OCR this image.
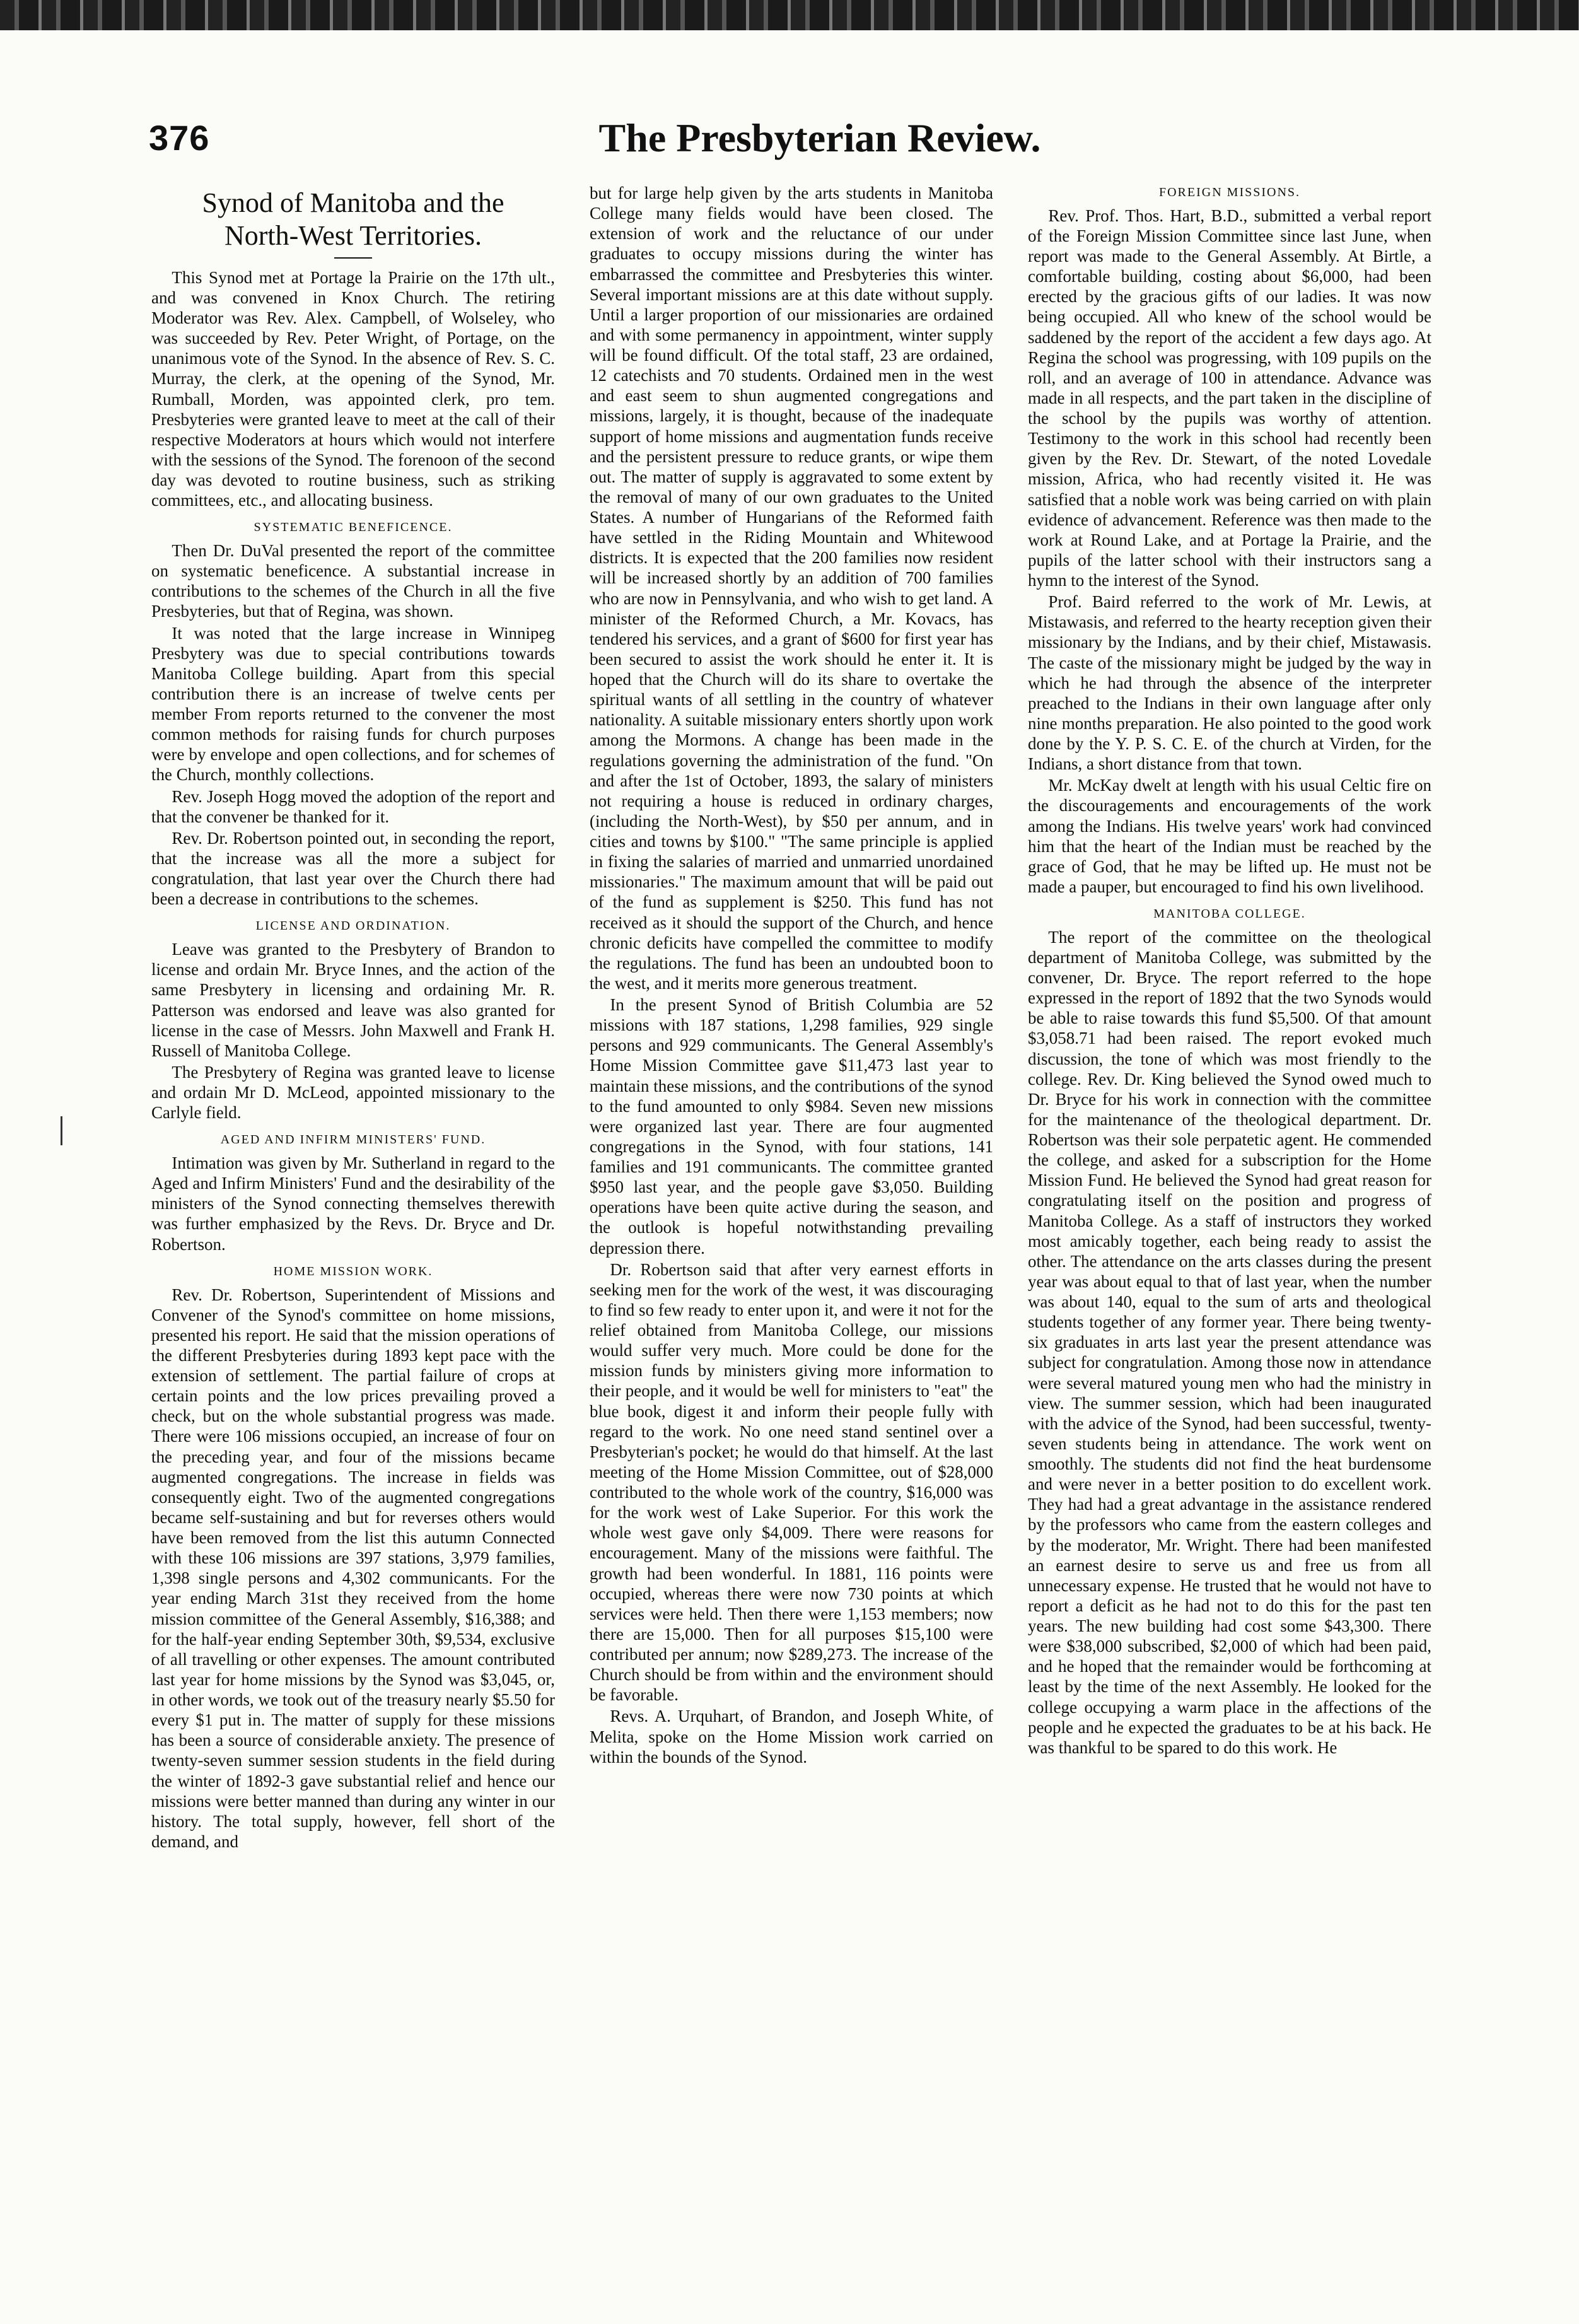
376	The Presbyterian Review.
Synod of Manitoba and the
North-West Territories.

This Synod met at Portage la Prairie on the 17th ult., and was convened in Knox Church. The retiring Moderator was Rev. Alex. Campbell, of Wolseley, who was succeeded by Rev. Peter Wright, of Portage, on the unanimous vote of the Synod. In the absence of Rev. S. C. Murray, the clerk, at the opening of the Synod, Mr. Rumball, Morden, was appointed clerk, pro tem. Presbyteries were granted leave to meet at the call of their respective Moderators at hours which would not interfere with the sessions of the Synod. The forenoon of the second day was devoted to routine business, such as striking committees, etc., and allocating business.

SYSTEMATIC BENEFICENCE.

Then Dr. DuVal presented the report of the committee on systematic beneficence. A substantial increase in contributions to the schemes of the Church in all the five Presbyteries, but that of Regina, was shown.

It was noted that the large increase in Winnipeg Presbytery was due to special contributions towards Manitoba College building. Apart from this special contribution there is an increase of twelve cents per member From reports returned to the convener the most common methods for raising funds for church purposes were by envelope and open collections, and for schemes of the Church, monthly collections.

Rev. Joseph Hogg moved the adoption of the report and that the convener be thanked for it.

Rev. Dr. Robertson pointed out, in seconding the report, that the increase was all the more a subject for congratulation, that last year over the Church there had been a decrease in contributions to the schemes.

LICENSE AND ORDINATION.

Leave was granted to the Presbytery of Brandon to license and ordain Mr. Bryce Innes, and the action of the same Presbytery in licensing and ordaining Mr. R. Patterson was endorsed and leave was also granted for license in the case of Messrs. John Maxwell and Frank H. Russell of Manitoba College.

The Presbytery of Regina was granted leave to license and ordain Mr D. McLeod, appointed missionary to the Carlyle field.

AGED AND INFIRM MINISTERS' FUND.

Intimation was given by Mr. Sutherland in regard to the Aged and Infirm Ministers' Fund and the desirability of the ministers of the Synod connecting themselves therewith was further emphasized by the Revs. Dr. Bryce and Dr. Robertson.

HOME MISSION WORK.

Rev. Dr. Robertson, Superintendent of Missions and Convener of the Synod's committee on home missions, presented his report. He said that the mission operations of the different Presbyteries during 1893 kept pace with the extension of settlement. The partial failure of crops at certain points and the low prices prevailing proved a check, but on the whole substantial progress was made. There were 106 missions occupied, an increase of four on the preceding year, and four of the missions became augmented congregations. The increase in fields was consequently eight. Two of the augmented congregations became self-sustaining and but for reverses others would have been removed from the list this autumn Connected with these 106 missions are 397 stations, 3,979 families, 1,398 single persons and 4,302 communicants. For the year ending March 31st they received from the home mission committee of the General Assembly, $16,388; and for the half-year ending September 30th, $9,534, exclusive of all travelling or other expenses. The amount contributed last year for home missions by the Synod was $3,045, or, in other words, we took out of the treasury nearly $5.50 for every $1 put in. The matter of supply for these missions has been a source of considerable anxiety. The presence of twenty-seven summer session students in the field during the winter of 1892-3 gave substantial relief and hence our missions were better manned than during any winter in our history. The total supply, however, fell short of the demand, and

but for large help given by the arts students in Manitoba College many fields would have been closed. The extension of work and the reluctance of our under graduates to occupy missions during the winter has embarrassed the committee and Presbyteries this winter. Several important missions are at this date without supply. Until a larger proportion of our missionaries are ordained and with some permanency in appointment, winter supply will be found difficult. Of the total staff, 23 are ordained, 12 catechists and 70 students. Ordained men in the west and east seem to shun augmented congregations and missions, largely, it is thought, because of the inadequate support of home missions and augmentation funds receive and the persistent pressure to reduce grants, or wipe them out. The matter of supply is aggravated to some extent by the removal of many of our own graduates to the United States. A number of Hungarians of the Reformed faith have settled in the Riding Mountain and Whitewood districts. It is expected that the 200 families now resident will be increased shortly by an addition of 700 families who are now in Pennsylvania, and who wish to get land. A minister of the Reformed Church, a Mr. Kovacs, has tendered his services, and a grant of $600 for first year has been secured to assist the work should he enter it. It is hoped that the Church will do its share to overtake the spiritual wants of all settling in the country of whatever nationality. A suitable missionary enters shortly upon work among the Mormons. A change has been made in the regulations governing the administration of the fund. "On and after the 1st of October, 1893, the salary of ministers not requiring a house is reduced in ordinary charges, (including the North-West), by $50 per annum, and in cities and towns by $100." "The same principle is applied in fixing the salaries of married and unmarried unordained missionaries." The maximum amount that will be paid out of the fund as supplement is $250. This fund has not received as it should the support of the Church, and hence chronic deficits have compelled the committee to modify the regulations. The fund has been an undoubted boon to the west, and it merits more generous treatment.

In the present Synod of British Columbia are 52 missions with 187 stations, 1,298 families, 929 single persons and 929 communicants. The General Assembly's Home Mission Committee gave $11,473 last year to maintain these missions, and the contributions of the synod to the fund amounted to only $984. Seven new missions were organized last year. There are four augmented congregations in the Synod, with four stations, 141 families and 191 communicants. The committee granted $950 last year, and the people gave $3,050. Building operations have been quite active during the season, and the outlook is hopeful notwithstanding prevailing depression there.

Dr. Robertson said that after very earnest efforts in seeking men for the work of the west, it was discouraging to find so few ready to enter upon it, and were it not for the relief obtained from Manitoba College, our missions would suffer very much. More could be done for the mission funds by ministers giving more information to their people, and it would be well for ministers to "eat" the blue book, digest it and inform their people fully with regard to the work. No one need stand sentinel over a Presbyterian's pocket; he would do that himself. At the last meeting of the Home Mission Committee, out of $28,000 contributed to the whole work of the country, $16,000 was for the work west of Lake Superior. For this work the whole west gave only $4,009. There were reasons for encouragement. Many of the missions were faithful. The growth had been wonderful. In 1881, 116 points were occupied, whereas there were now 730 points at which services were held. Then there were 1,153 members; now there are 15,000. Then for all purposes $15,100 were contributed per annum; now $289,273. The increase of the Church should be from within and the environment should be favorable.

Revs. A. Urquhart, of Brandon, and Joseph White, of Melita, spoke on the Home Mission work carried on within the bounds of the Synod.

FOREIGN MISSIONS.

Rev. Prof. Thos. Hart, B.D., submitted a verbal report of the Foreign Mission Committee since last June, when report was made to the General Assembly. At Birtle, a comfortable building, costing about $6,000, had been erected by the gracious gifts of our ladies. It was now being occupied. All who knew of the school would be saddened by the report of the accident a few days ago. At Regina the school was progressing, with 109 pupils on the roll, and an average of 100 in attendance. Advance was made in all respects, and the part taken in the discipline of the school by the pupils was worthy of attention. Testimony to the work in this school had recently been given by the Rev. Dr. Stewart, of the noted Lovedale mission, Africa, who had recently visited it. He was satisfied that a noble work was being carried on with plain evidence of advancement. Reference was then made to the work at Round Lake, and at Portage la Prairie, and the pupils of the latter school with their instructors sang a hymn to the interest of the Synod.

Prof. Baird referred to the work of Mr. Lewis, at Mistawasis, and referred to the hearty reception given their missionary by the Indians, and by their chief, Mistawasis. The caste of the missionary might be judged by the way in which he had through the absence of the interpreter preached to the Indians in their own language after only nine months preparation. He also pointed to the good work done by the Y. P. S. C. E. of the church at Virden, for the Indians, a short distance from that town.

Mr. McKay dwelt at length with his usual Celtic fire on the discouragements and encouragements of the work among the Indians. His twelve years' work had convinced him that the heart of the Indian must be reached by the grace of God, that he may be lifted up. He must not be made a pauper, but encouraged to find his own livelihood.

MANITOBA COLLEGE.

The report of the committee on the theological department of Manitoba College, was submitted by the convener, Dr. Bryce. The report referred to the hope expressed in the report of 1892 that the two Synods would be able to raise towards this fund $5,500. Of that amount $3,058.71 had been raised. The report evoked much discussion, the tone of which was most friendly to the college. Rev. Dr. King believed the Synod owed much to Dr. Bryce for his work in connection with the committee for the maintenance of the theological department. Dr. Robertson was their sole perpatetic agent. He commended the college, and asked for a subscription for the Home Mission Fund. He believed the Synod had great reason for congratulating itself on the position and progress of Manitoba College. As a staff of instructors they worked most amicably together, each being ready to assist the other. The attendance on the arts classes during the present year was about equal to that of last year, when the number was about 140, equal to the sum of arts and theological students together of any former year. There being twenty-six graduates in arts last year the present attendance was subject for congratulation. Among those now in attendance were several matured young men who had the ministry in view. The summer session, which had been inaugurated with the advice of the Synod, had been successful, twenty-seven students being in attendance. The work went on smoothly. The students did not find the heat burdensome and were never in a better position to do excellent work. They had had a great advantage in the assistance rendered by the professors who came from the eastern colleges and by the moderator, Mr. Wright. There had been manifested an earnest desire to serve us and free us from all unnecessary expense. He trusted that he would not have to report a deficit as he had not to do this for the past ten years. The new building had cost some $43,300. There were $38,000 subscribed, $2,000 of which had been paid, and he hoped that the remainder would be forthcoming at least by the time of the next Assembly. He looked for the college occupying a warm place in the affections of the people and he expected the graduates to be at his back. He was thankful to be spared to do this work. He
